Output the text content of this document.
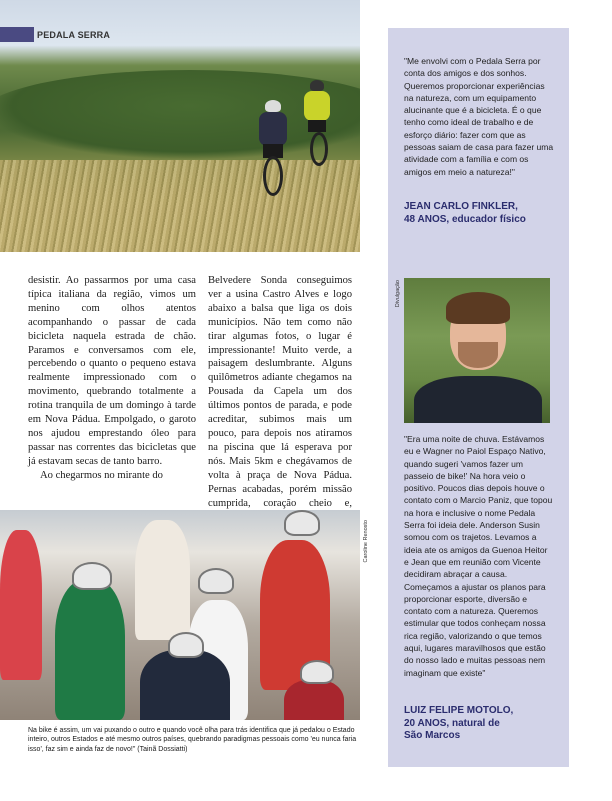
PEDALA SERRA

desistir. Ao passarmos por uma casa típica italiana da região, vimos um menino com olhos atentos acompanhando o passar de cada bicicleta naquela estrada de chão. Paramos e conversamos com ele, percebendo o quanto o pequeno estava realmente impressionado com o movimento, quebrando totalmente a rotina tranquila de um domingo à tarde em Nova Pádua. Empolgado, o garoto nos ajudou emprestando óleo para passar nas correntes das bicicletas que já estavam secas de tanto barro.

Ao chegarmos no mirante do

Belvedere Sonda conseguimos ver a usina Castro Alves e logo abaixo a balsa que liga os dois municípios. Não tem como não tirar algumas fotos, o lugar é impressionante! Muito verde, a paisagem deslumbrante. Alguns quilômetros adiante chegamos na Pousada da Capela um dos últimos pontos de parada, e pode acreditar, subimos mais um pouco, para depois nos atiramos na piscina que lá esperava por nós. Mais 5km e chegávamos de volta à praça de Nova Pádua. Pernas acabadas, porém missão cumprida, coração cheio e,

Caroline Renosto
Na bike é assim, um vai puxando o outro e quando você olha para trás identifica que já pedalou o Estado inteiro, outros Estados e até mesmo outros países, quebrando paradigmas pessoais como 'eu nunca faria isso', faz sim e ainda faz de novo!" (Tainã Dossiatti)
"Me envolvi com o Pedala Serra por conta dos amigos e dos sonhos. Queremos proporcionar experiências na natureza, com um equipamento alucinante que é a bicicleta. É o que tenho como ideal de trabalho e de esforço diário: fazer com que as pessoas saiam de casa para fazer uma atividade com a família e com os amigos em meio a natureza!"
JEAN CARLO FINKLER,
48 ANOS, educador físico
Divulgação
"Era uma noite de chuva. Estávamos eu e Wagner no Paiol Espaço Nativo, quando sugeri 'vamos fazer um passeio de bike!' Na hora veio o positivo. Poucos dias depois houve o contato com o Marcio Paniz, que topou na hora e inclusive o nome Pedala Serra foi ideia dele. Anderson Susin somou com os trajetos. Levamos a ideia ate os amigos da Guenoa Heitor e Jean que em reunião com Vicente decidiram abraçar a causa. Começamos a ajustar os planos para proporcionar esporte, diversão e contato com a natureza. Queremos estimular que todos conheçam nossa rica região, valorizando o que temos aqui, lugares maravilhosos que estão do nosso lado e muitas pessoas nem imaginam que existe"
LUIZ FELIPE MOTOLO,
20 ANOS, natural de
São Marcos
